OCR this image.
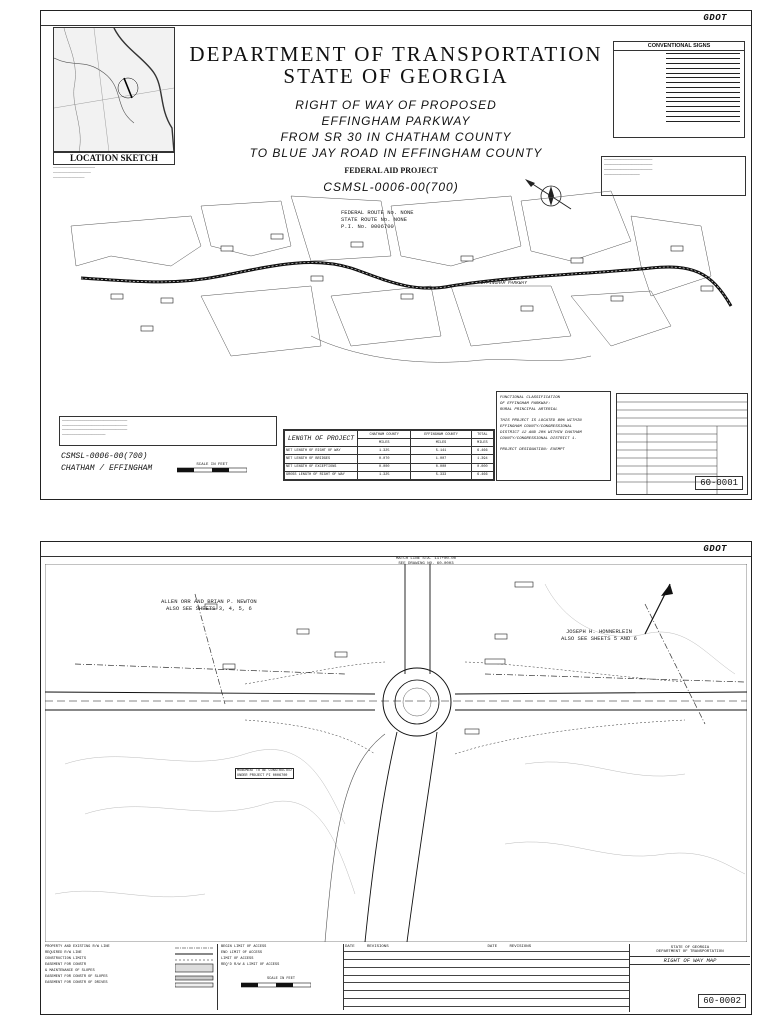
GDOT
LOCATION SKETCH
────────────────────
──────────────────
───────────────
DEPARTMENT OF TRANSPORTATION
STATE OF GEORGIA
RIGHT OF WAY OF PROPOSED
EFFINGHAM PARKWAY
FROM SR 30 IN CHATHAM COUNTY
TO BLUE JAY ROAD IN EFFINGHAM COUNTY
FEDERAL AID PROJECT
CSMSL-0006-00(700)
FEDERAL ROUTE No. NONE
STATE ROUTE No. NONE
P.I. No. 0006700
CONVENTIONAL SIGNS
───────────────────────
───────────────────────
───────────────────────
─────────────────
EFFINGHAM PARKWAY
─────────────────────────────────
─────────────────────────────────
─────────────────────────────────
──────────────────────
CSMSL-0006-00(700)
CHATHAM / EFFINGHAM	SCALE IN FEET
LENGTH OF PROJECT	CHATHAM COUNTY	EFFINGHAM COUNTY	TOTAL
	MILES	MILES	MILES
NET LENGTH OF RIGHT OF WAY	1.325	5.141	6.466
NET LENGTH OF BRIDGES	0.070	1.007	1.394
NET LENGTH OF EXCEPTIONS	0.000	0.000	0.000
GROSS LENGTH OF RIGHT OF WAY	1.325	5.333	6.466
FUNCTIONAL CLASSIFICATION
OF EFFINGHAM PARKWAY:
RURAL PRINCIPAL ARTERIAL
THIS PROJECT IS LOCATED 80% WITHIN
EFFINGHAM COUNTY/CONGRESSIONAL
DISTRICT 12 AND 20% WITHIN CHATHAM
COUNTY/CONGRESSIONAL DISTRICT 1.
PROJECT DESIGNATION: EXEMPT
60-0001
GDOT
MATCH LINE STA. 117+00.00
SEE DRAWING NO. 60-0003
ALLEN ORR AND BRIAN P. NEWTON
ALSO SEE SHEETS 3, 4, 5, 6
JOSEPH H. HONNERLEIN
ALSO SEE SHEETS 5 AND 6
MONUMENT TO BE CONSTRUCTED
UNDER PROJECT PI 0006700
PROPERTY AND EXISTING R/W LINE
REQUIRED R/W LINE
CONSTRUCTION LIMITS
EASEMENT FOR CONSTR
& MAINTENANCE OF SLOPES
EASEMENT FOR CONSTR OF SLOPES
EASEMENT FOR CONSTR OF DRIVES
BEGIN LIMIT OF ACCESS
END LIMIT OF ACCESS
LIMIT OF ACCESS
REQ'D R/W & LIMIT OF ACCESS
SCALE IN FEET
DATE	REVISIONS	DATE	REVISIONS

				STATE OF GEORGIA
DEPARTMENT OF TRANSPORTATION
RIGHT OF WAY MAP
60-0002
